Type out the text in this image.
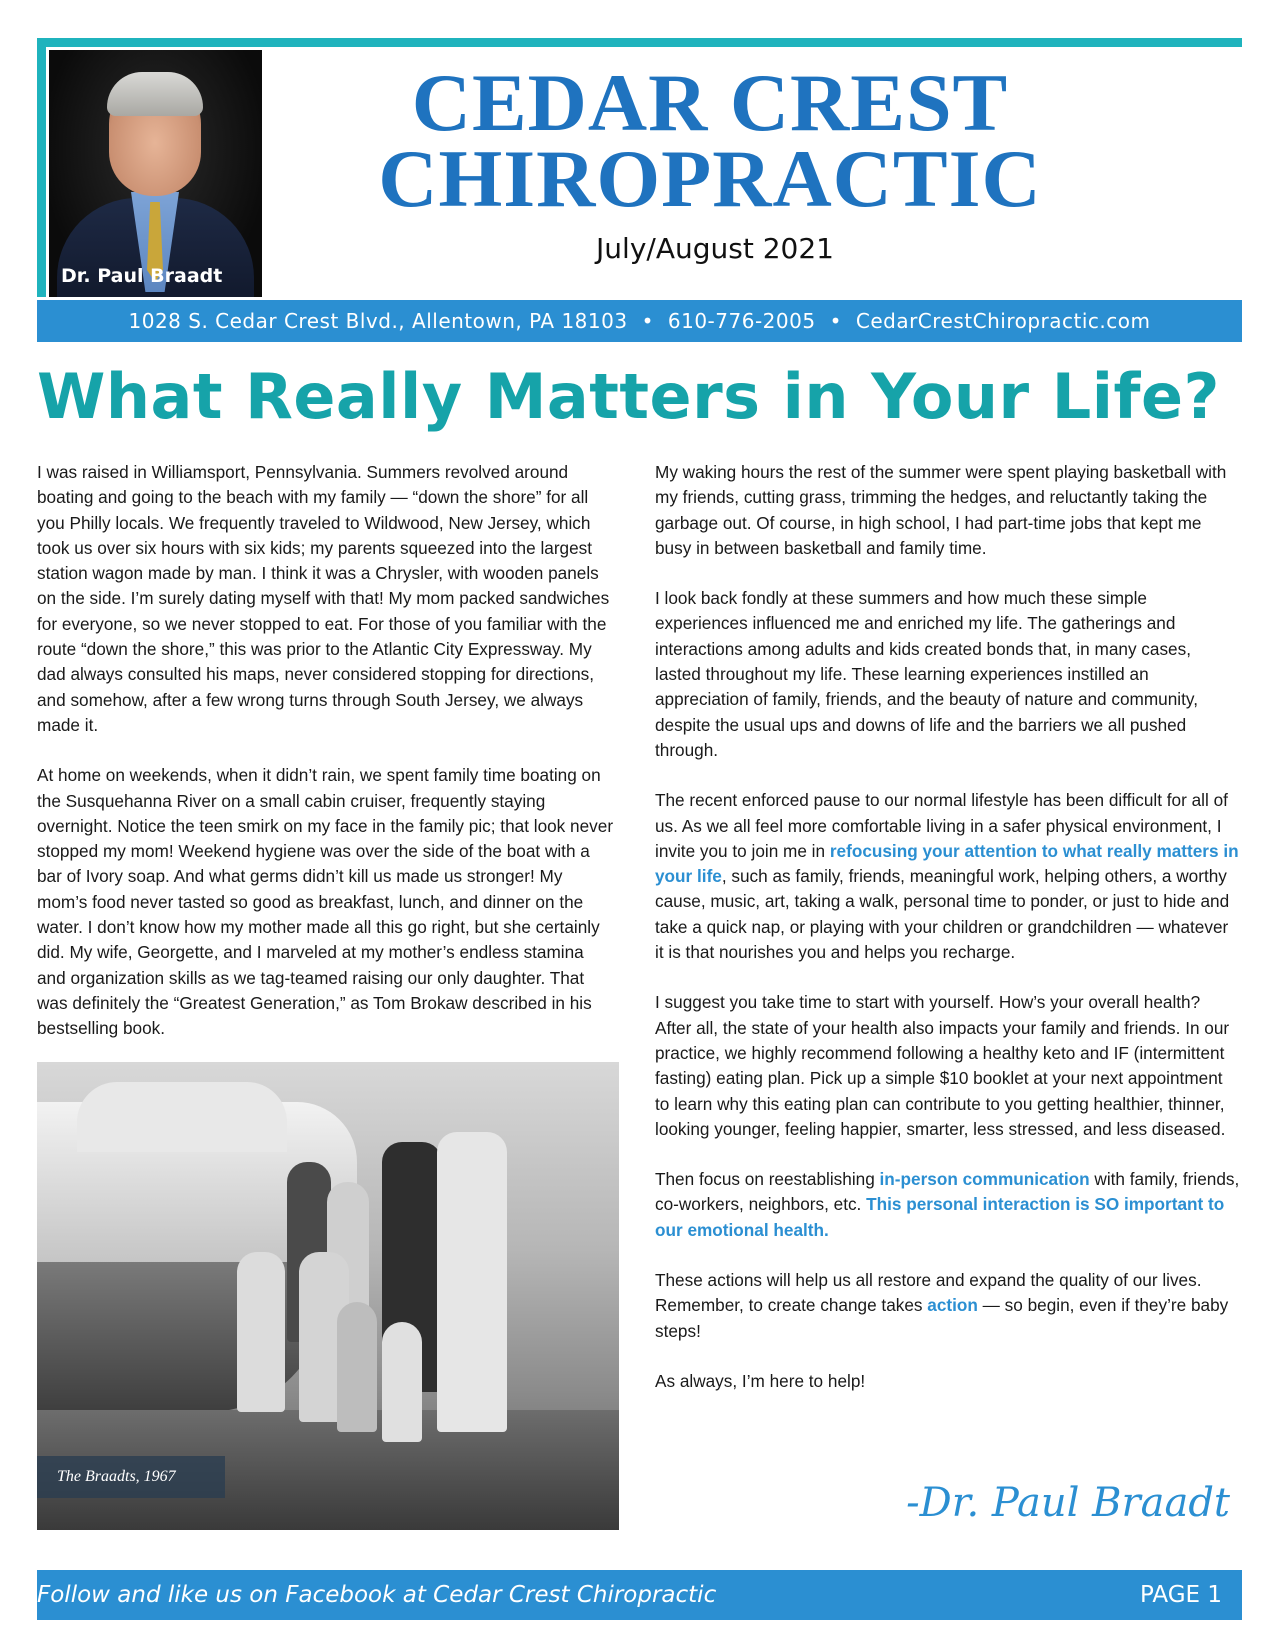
Dr. Paul Braadt
CEDAR CREST
CHIROPRACTIC
July/August 2021
1028 S. Cedar Crest Blvd., Allentown, PA 18103 • 610-776-2005 • CedarCrestChiropractic.com
What Really Matters in Your Life?

I was raised in Williamsport, Pennsylvania. Summers revolved around boating and going to the beach with my family — “down the shore” for all you Philly locals. We frequently traveled to Wildwood, New Jersey, which took us over six hours with six kids; my parents squeezed into the largest station wagon made by man. I think it was a Chrysler, with wooden panels on the side. I’m surely dating myself with that! My mom packed sandwiches for everyone, so we never stopped to eat. For those of you familiar with the route “down the shore,” this was prior to the Atlantic City Expressway. My dad always consulted his maps, never considered stopping for directions, and somehow, after a few wrong turns through South Jersey, we always made it.

At home on weekends, when it didn’t rain, we spent family time boating on the Susquehanna River on a small cabin cruiser, frequently staying overnight. Notice the teen smirk on my face in the family pic; that look never stopped my mom! Weekend hygiene was over the side of the boat with a bar of Ivory soap. And what germs didn’t kill us made us stronger! My mom’s food never tasted so good as breakfast, lunch, and dinner on the water. I don’t know how my mother made all this go right, but she certainly did. My wife, Georgette, and I marveled at my mother’s endless stamina and organization skills as we tag-teamed raising our only daughter. That was definitely the “Greatest Generation,” as Tom Brokaw described in his bestselling book.

My waking hours the rest of the summer were spent playing basketball with my friends, cutting grass, trimming the hedges, and reluctantly taking the garbage out. Of course, in high school, I had part-time jobs that kept me busy in between basketball and family time.

I look back fondly at these summers and how much these simple experiences influenced me and enriched my life. The gatherings and interactions among adults and kids created bonds that, in many cases, lasted throughout my life. These learning experiences instilled an appreciation of family, friends, and the beauty of nature and community, despite the usual ups and downs of life and the barriers we all pushed through.

The recent enforced pause to our normal lifestyle has been difficult for all of us. As we all feel more comfortable living in a safer physical environment, I invite you to join me in refocusing your attention to what really matters in your life, such as family, friends, meaningful work, helping others, a worthy cause, music, art, taking a walk, personal time to ponder, or just to hide and take a quick nap, or playing with your children or grandchildren — whatever it is that nourishes you and helps you recharge.

I suggest you take time to start with yourself. How’s your overall health? After all, the state of your health also impacts your family and friends. In our practice, we highly recommend following a healthy keto and IF (intermittent fasting) eating plan. Pick up a simple $10 booklet at your next appointment to learn why this eating plan can contribute to you getting healthier, thinner, looking younger, feeling happier, smarter, less stressed, and less diseased.

Then focus on reestablishing in-person communication with family, friends, co-workers, neighbors, etc. This personal interaction is SO important to our emotional health.

These actions will help us all restore and expand the quality of our lives. Remember, to create change takes action — so begin, even if they’re baby steps!

As always, I’m here to help!

The Braadts, 1967
-Dr. Paul Braadt
Follow and like us on Facebook at Cedar Crest Chiropractic	PAGE 1
